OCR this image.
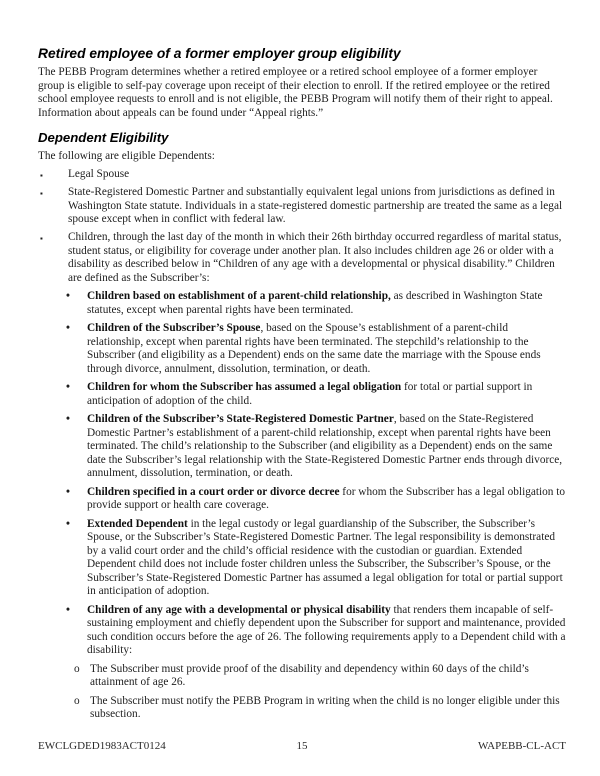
Retired employee of a former employer group eligibility

The PEBB Program determines whether a retired employee or a retired school employee of a former employer group is eligible to self-pay coverage upon receipt of their election to enroll. If the retired employee or the retired school employee requests to enroll and is not eligible, the PEBB Program will notify them of their right to appeal. Information about appeals can be found under “Appeal rights.”

Dependent Eligibility

The following are eligible Dependents:

▪ Legal Spouse
▪ State-Registered Domestic Partner and substantially equivalent legal unions from jurisdictions as defined in Washington State statute. Individuals in a state-registered domestic partnership are treated the same as a legal spouse except when in conflict with federal law.
▪ Children, through the last day of the month in which their 26th birthday occurred regardless of marital status, student status, or eligibility for coverage under another plan. It also includes children age 26 or older with a disability as described below in “Children of any age with a developmental or physical disability.” Children are defined as the Subscriber’s:
• Children based on establishment of a parent-child relationship, as described in Washington State statutes, except when parental rights have been terminated.
• Children of the Subscriber’s Spouse, based on the Spouse’s establishment of a parent-child relationship, except when parental rights have been terminated. The stepchild’s relationship to the Subscriber (and eligibility as a Dependent) ends on the same date the marriage with the Spouse ends through divorce, annulment, dissolution, termination, or death.
• Children for whom the Subscriber has assumed a legal obligation for total or partial support in anticipation of adoption of the child.
• Children of the Subscriber’s State-Registered Domestic Partner, based on the State-Registered Domestic Partner’s establishment of a parent-child relationship, except when parental rights have been terminated. The child’s relationship to the Subscriber (and eligibility as a Dependent) ends on the same date the Subscriber’s legal relationship with the State-Registered Domestic Partner ends through divorce, annulment, dissolution, termination, or death.
• Children specified in a court order or divorce decree for whom the Subscriber has a legal obligation to provide support or health care coverage.
• Extended Dependent in the legal custody or legal guardianship of the Subscriber, the Subscriber’s Spouse, or the Subscriber’s State-Registered Domestic Partner. The legal responsibility is demonstrated by a valid court order and the child’s official residence with the custodian or guardian. Extended Dependent child does not include foster children unless the Subscriber, the Subscriber’s Spouse, or the Subscriber’s State-Registered Domestic Partner has assumed a legal obligation for total or partial support in anticipation of adoption.
• Children of any age with a developmental or physical disability that renders them incapable of self-sustaining employment and chiefly dependent upon the Subscriber for support and maintenance, provided such condition occurs before the age of 26. The following requirements apply to a Dependent child with a disability:
o The Subscriber must provide proof of the disability and dependency within 60 days of the child’s attainment of age 26.
o The Subscriber must notify the PEBB Program in writing when the child is no longer eligible under this subsection.
15
EWCLGDED1983ACT0124	WAPEBB-CL-ACT
